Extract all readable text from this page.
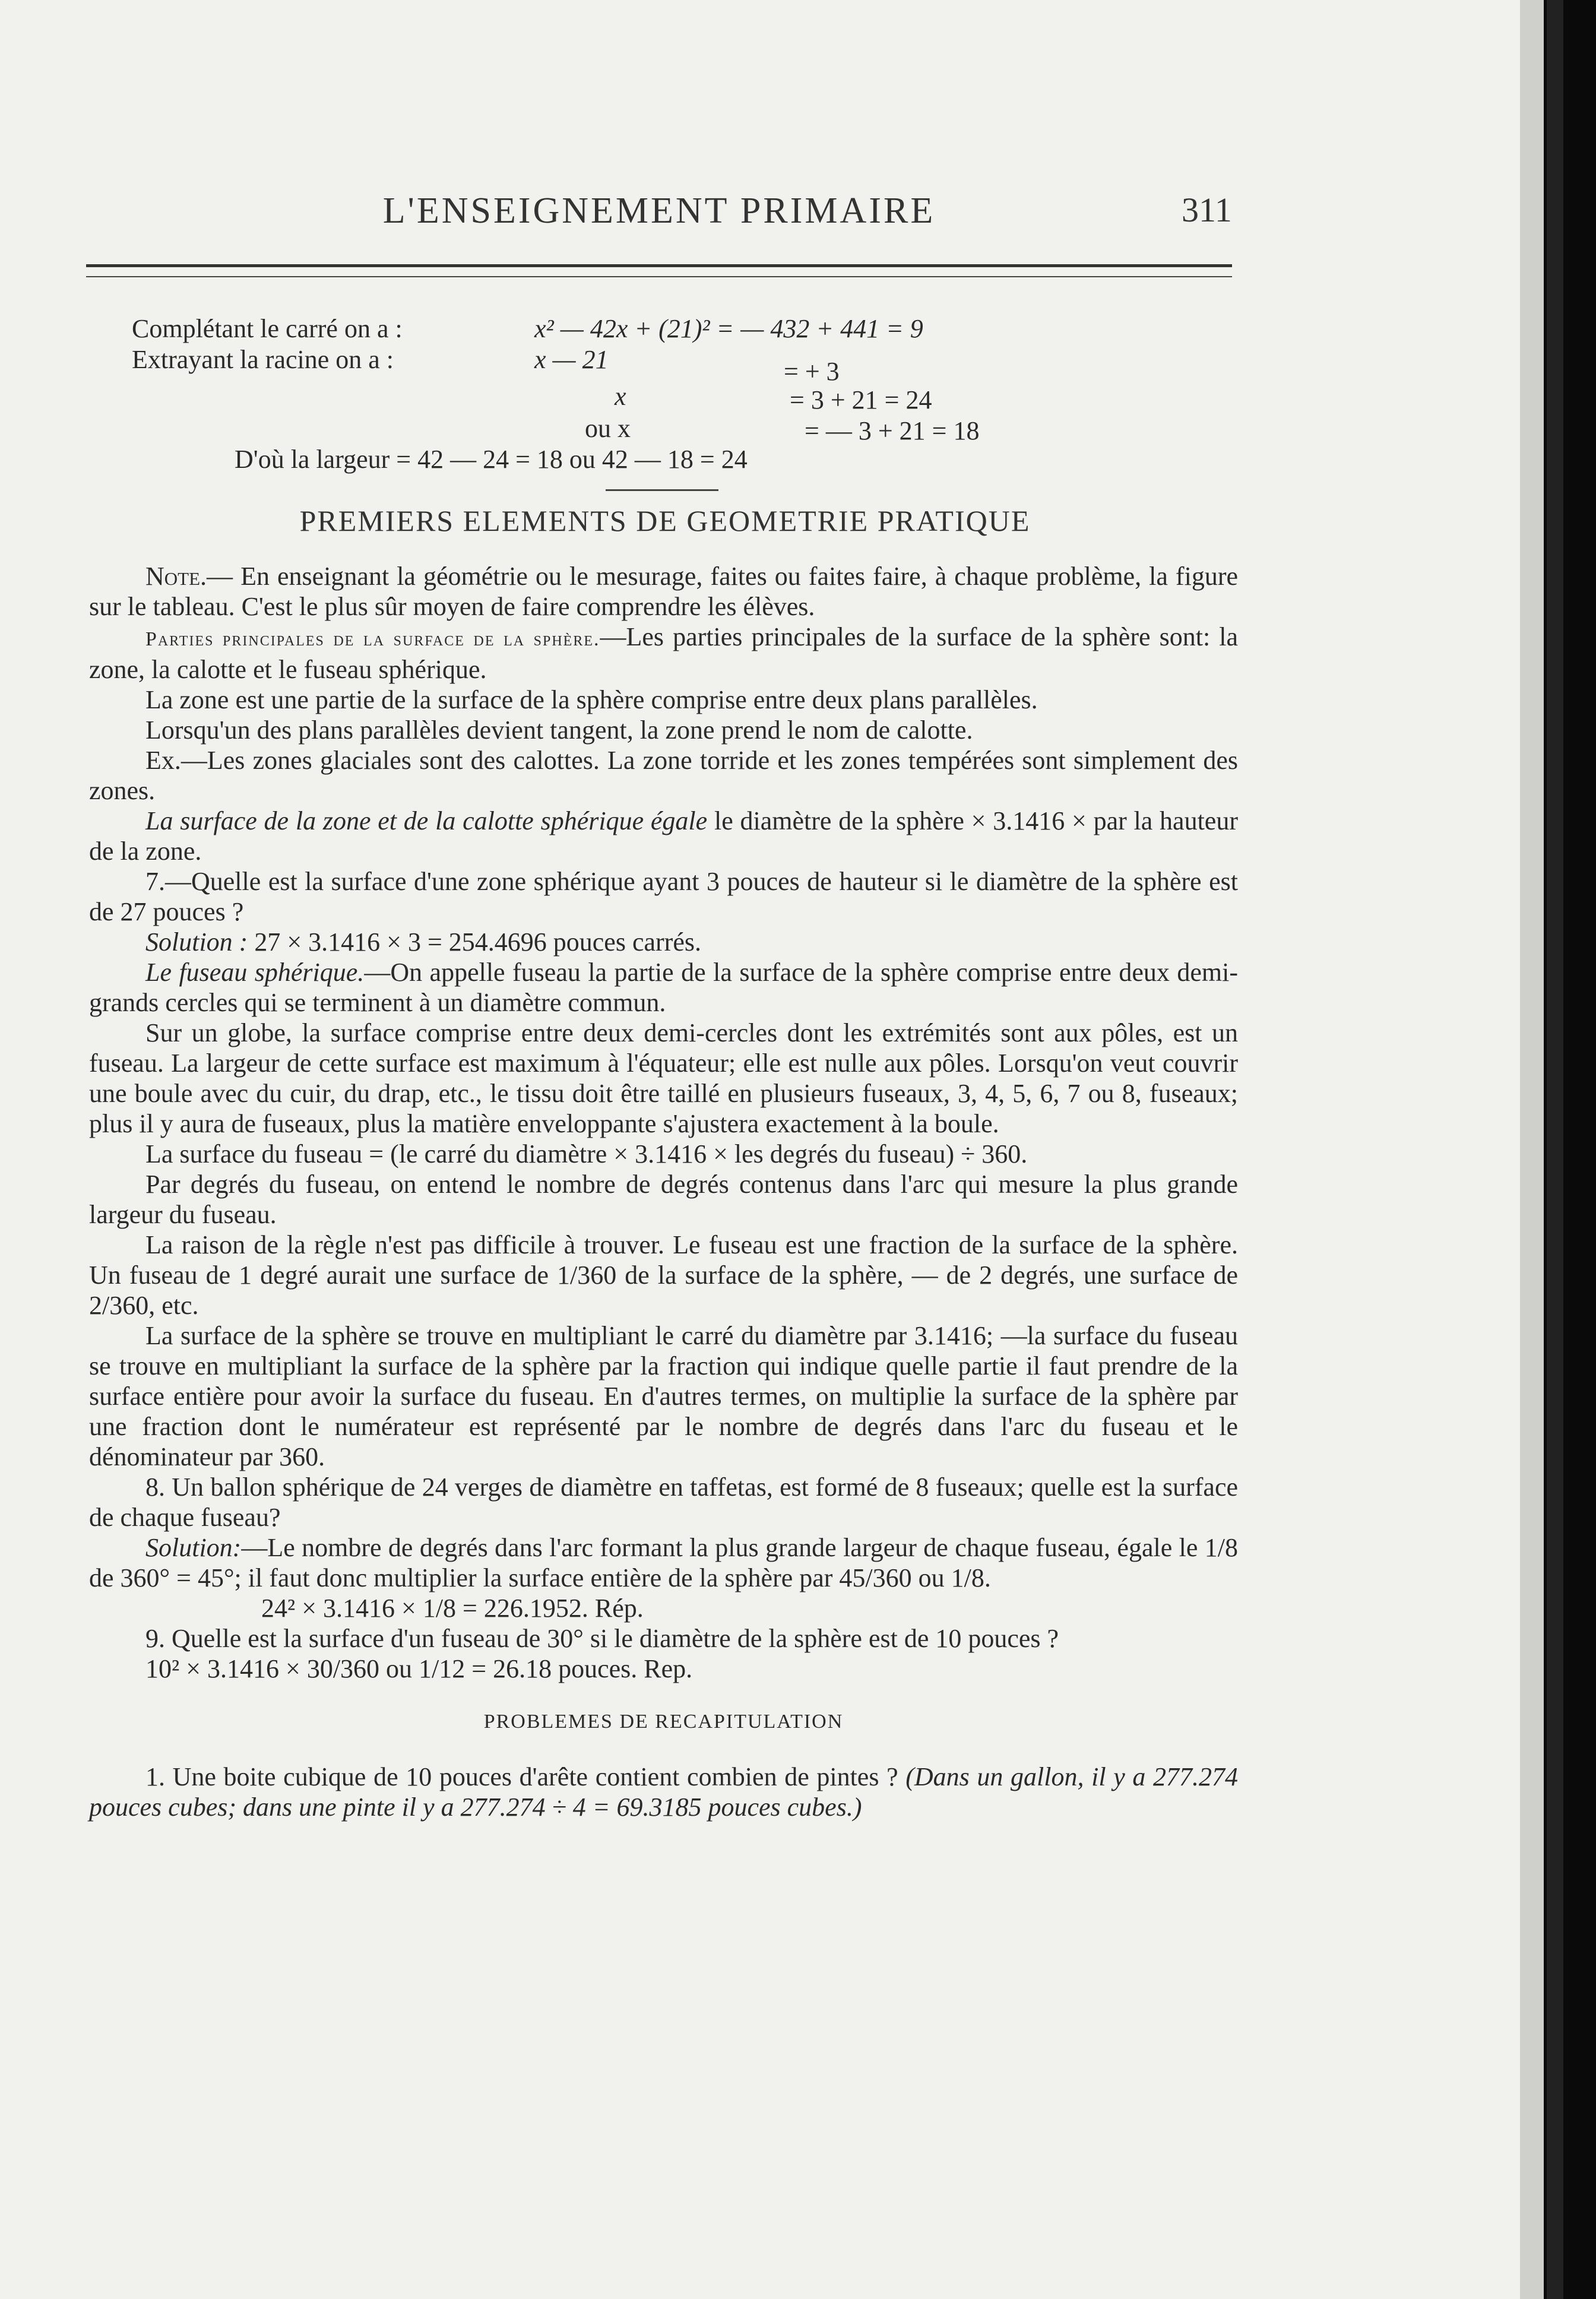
L'ENSEIGNEMENT PRIMAIRE	311
Complétant le carré on a :	x² — 42x + (21)² = — 432 + 441 = 9
Extrayant la racine on a :	x — 21	= + 3
x	= 3 + 21 = 24
ou x	= — 3 + 21 = 18
D'où la largeur = 42 — 24 = 18 ou 42 — 18 = 24
PREMIERS ELEMENTS DE GEOMETRIE PRATIQUE

Note.— En enseignant la géométrie ou le mesurage, faites ou faites faire, à chaque problème, la figure sur le tableau. C'est le plus sûr moyen de faire comprendre les élèves.

Parties principales de la surface de la sphère.—Les parties principales de la surface de la sphère sont: la zone, la calotte et le fuseau sphérique.

La zone est une partie de la surface de la sphère comprise entre deux plans parallèles.

Lorsqu'un des plans parallèles devient tangent, la zone prend le nom de calotte.

Ex.—Les zones glaciales sont des calottes. La zone torride et les zones tempérées sont simplement des zones.

La surface de la zone et de la calotte sphérique égale le diamètre de la sphère × 3.1416 × par la hauteur de la zone.

7.—Quelle est la surface d'une zone sphérique ayant 3 pouces de hauteur si le diamètre de la sphère est de 27 pouces ?

Solution : 27 × 3.1416 × 3 = 254.4696 pouces carrés.

Le fuseau sphérique.—On appelle fuseau la partie de la surface de la sphère comprise entre deux demi-grands cercles qui se terminent à un diamètre commun.

Sur un globe, la surface comprise entre deux demi-cercles dont les extrémités sont aux pôles, est un fuseau. La largeur de cette surface est maximum à l'équateur; elle est nulle aux pôles. Lorsqu'on veut couvrir une boule avec du cuir, du drap, etc., le tissu doit être taillé en plusieurs fuseaux, 3, 4, 5, 6, 7 ou 8, fuseaux; plus il y aura de fuseaux, plus la matière enveloppante s'ajustera exactement à la boule.

La surface du fuseau = (le carré du diamètre × 3.1416 × les degrés du fuseau) ÷ 360.

Par degrés du fuseau, on entend le nombre de degrés contenus dans l'arc qui mesure la plus grande largeur du fuseau.

La raison de la règle n'est pas difficile à trouver. Le fuseau est une fraction de la surface de la sphère. Un fuseau de 1 degré aurait une surface de 1/360 de la surface de la sphère, — de 2 degrés, une surface de 2/360, etc.

La surface de la sphère se trouve en multipliant le carré du diamètre par 3.1416; —la surface du fuseau se trouve en multipliant la surface de la sphère par la fraction qui indique quelle partie il faut prendre de la surface entière pour avoir la surface du fuseau. En d'autres termes, on multiplie la surface de la sphère par une fraction dont le numérateur est représenté par le nombre de degrés dans l'arc du fuseau et le dénominateur par 360.

8. Un ballon sphérique de 24 verges de diamètre en taffetas, est formé de 8 fuseaux; quelle est la surface de chaque fuseau?

Solution:—Le nombre de degrés dans l'arc formant la plus grande largeur de chaque fuseau, égale le 1/8 de 360° = 45°; il faut donc multiplier la surface entière de la sphère par 45/360 ou 1/8.

24² × 3.1416 × 1/8 = 226.1952. Rép.

9. Quelle est la surface d'un fuseau de 30° si le diamètre de la sphère est de 10 pouces ?

10² × 3.1416 × 30/360 ou 1/12 = 26.18 pouces. Rep.

PROBLEMES DE RECAPITULATION

1. Une boite cubique de 10 pouces d'arête contient combien de pintes ? (Dans un gallon, il y a 277.274 pouces cubes; dans une pinte il y a 277.274 ÷ 4 = 69.3185 pouces cubes.)
